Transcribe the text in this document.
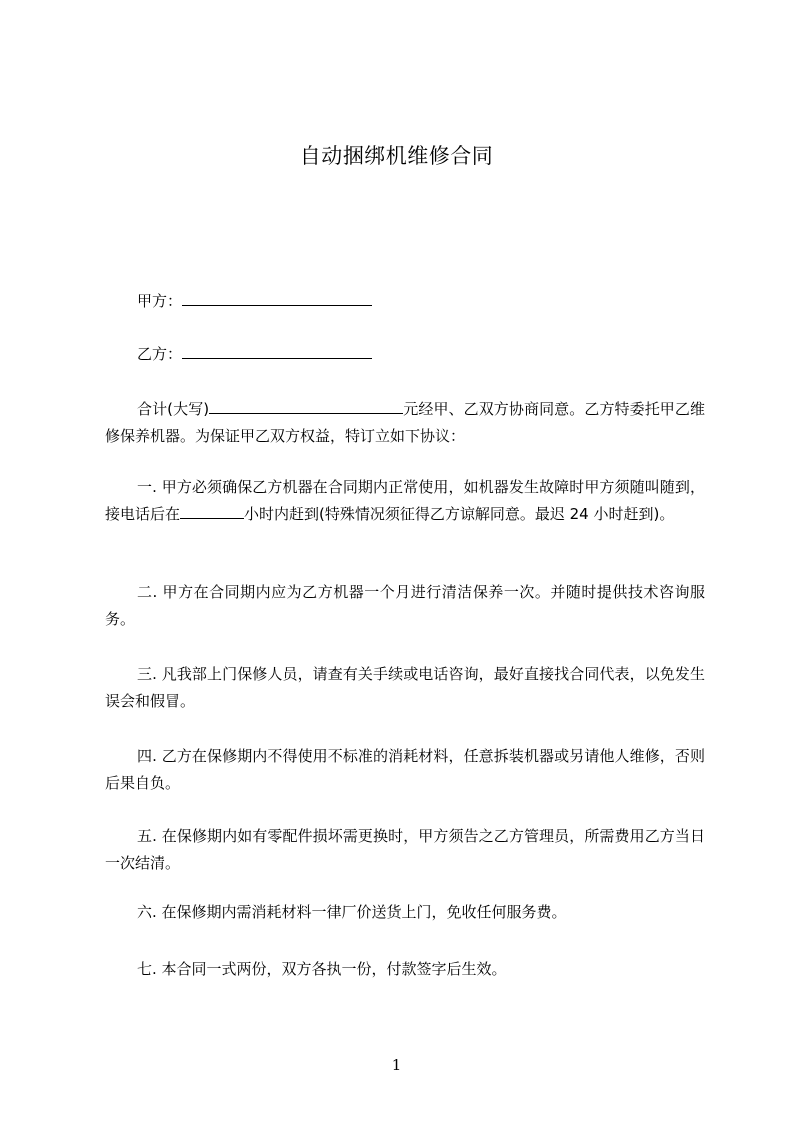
自动捆绑机维修合同
甲方：
乙方：

合计(大写)	元经甲、乙双方协商同意。乙方特委托甲乙维修保养机器。为保证甲乙双方权益，特订立如下协议：

一. 甲方必须确保乙方机器在合同期内正常使用，如机器发生故障时甲方须随叫随到，接电话后在	小时内赶到(特殊情况须征得乙方谅解同意。最迟 24 小时赶到)。

二. 甲方在合同期内应为乙方机器一个月进行清洁保养一次。并随时提供技术咨询服务。

三. 凡我部上门保修人员，请查有关手续或电话咨询，最好直接找合同代表，以免发生误会和假冒。

四. 乙方在保修期内不得使用不标准的消耗材料，任意拆装机器或另请他人维修，否则后果自负。

五. 在保修期内如有零配件损坏需更换时，甲方须告之乙方管理员，所需费用乙方当日一次结清。

六. 在保修期内需消耗材料一律厂价送货上门，免收任何服务费。

七. 本合同一式两份，双方各执一份，付款签字后生效。

1
